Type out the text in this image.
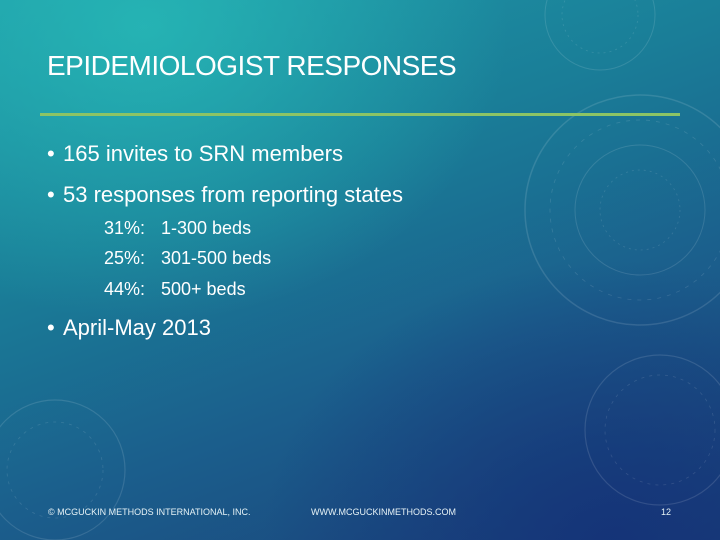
EPIDEMIOLOGIST RESPONSES
• 165 invites to SRN members
• 53 responses from reporting states
31%: 1-300 beds
25%: 301-500 beds
44%: 500+ beds
• April-May 2013
© MCGUCKIN METHODS INTERNATIONAL, INC.	WWW.MCGUCKINMETHODS.COM	12
